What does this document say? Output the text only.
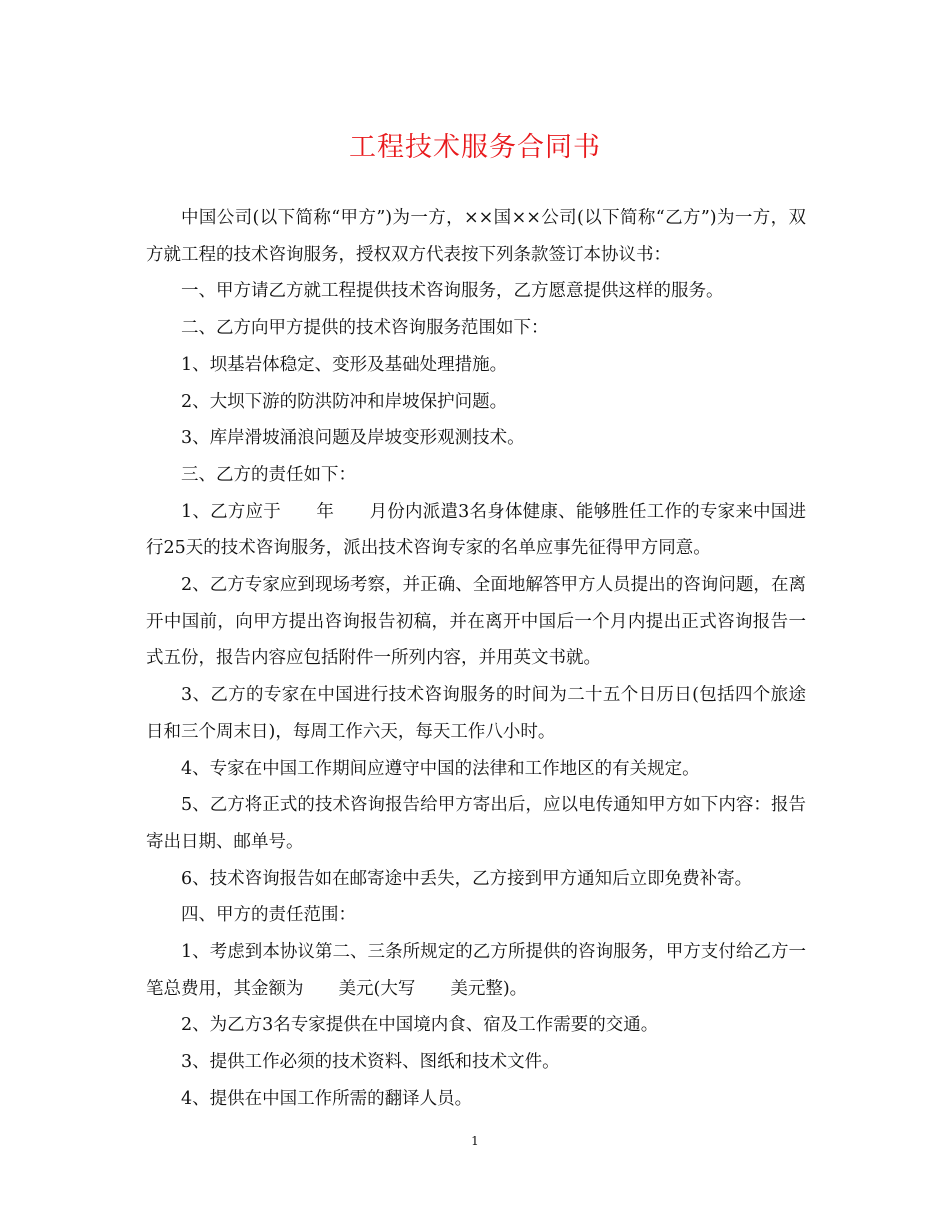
工程技术服务合同书

中国公司(以下简称“甲方”)为一方，××国××公司(以下简称“乙方”)为一方，双方就工程的技术咨询服务，授权双方代表按下列条款签订本协议书：

一、甲方请乙方就工程提供技术咨询服务，乙方愿意提供这样的服务。

二、乙方向甲方提供的技术咨询服务范围如下：

1、坝基岩体稳定、变形及基础处理措施。

2、大坝下游的防洪防冲和岸坡保护问题。

3、库岸滑坡涌浪问题及岸坡变形观测技术。

三、乙方的责任如下：

1、乙方应于　　年　　月份内派遣3名身体健康、能够胜任工作的专家来中国进行25天的技术咨询服务，派出技术咨询专家的名单应事先征得甲方同意。

2、乙方专家应到现场考察，并正确、全面地解答甲方人员提出的咨询问题，在离开中国前，向甲方提出咨询报告初稿，并在离开中国后一个月内提出正式咨询报告一式五份，报告内容应包括附件一所列内容，并用英文书就。

3、乙方的专家在中国进行技术咨询服务的时间为二十五个日历日(包括四个旅途日和三个周末日)，每周工作六天，每天工作八小时。

4、专家在中国工作期间应遵守中国的法律和工作地区的有关规定。

5、乙方将正式的技术咨询报告给甲方寄出后，应以电传通知甲方如下内容：报告寄出日期、邮单号。

6、技术咨询报告如在邮寄途中丢失，乙方接到甲方通知后立即免费补寄。

四、甲方的责任范围：

1、考虑到本协议第二、三条所规定的乙方所提供的咨询服务，甲方支付给乙方一笔总费用，其金额为　　美元(大写　　美元整)。

2、为乙方3名专家提供在中国境内食、宿及工作需要的交通。

3、提供工作必须的技术资料、图纸和技术文件。

4、提供在中国工作所需的翻译人员。

1
